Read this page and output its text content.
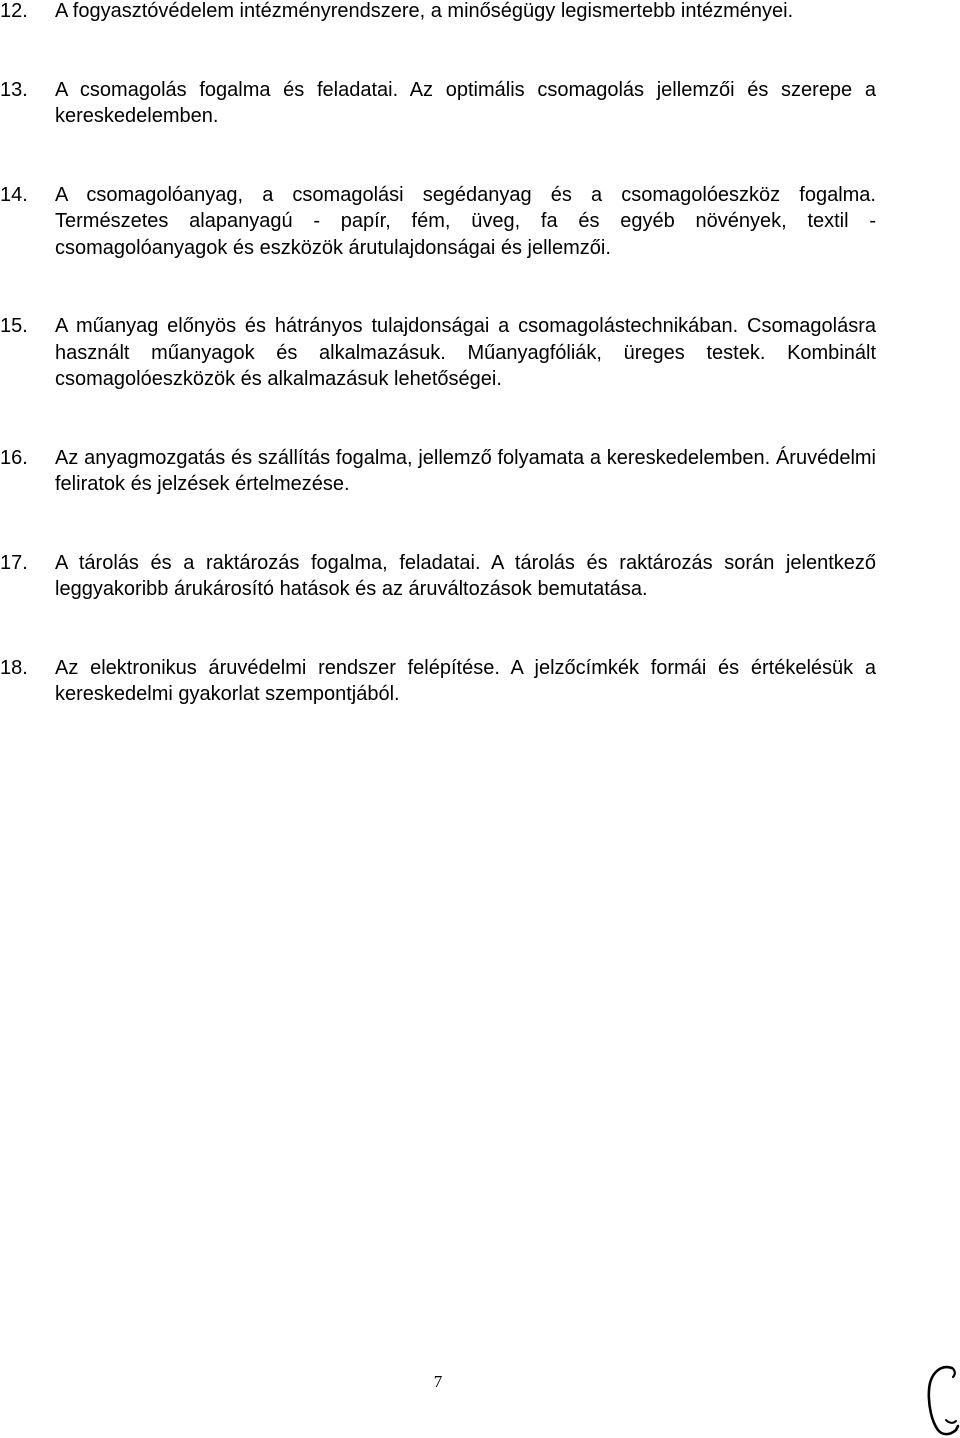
12. A fogyasztóvédelem intézményrendszere, a minőségügy legismertebb intézményei.
13. A csomagolás fogalma és feladatai. Az optimális csomagolás jellemzői és szerepe a kereskedelemben.
14. A csomagolóanyag, a csomagolási segédanyag és a csomagolóeszköz fogalma. Természetes alapanyagú - papír, fém, üveg, fa és egyéb növények, textil - csomagolóanyagok és eszközök árutulajdonságai és jellemzői.
15. A műanyag előnyös és hátrányos tulajdonságai a csomagolástechnikában. Csomagolásra használt műanyagok és alkalmazásuk. Műanyagfóliák, üreges testek. Kombinált csomagolóeszközök és alkalmazásuk lehetőségei.
16. Az anyagmozgatás és szállítás fogalma, jellemző folyamata a kereskedelemben. Áruvédelmi feliratok és jelzések értelmezése.
17. A tárolás és a raktározás fogalma, feladatai. A tárolás és raktározás során jelentkező leggyakoribb árukárosító hatások és az áruváltozások bemutatása.
18. Az elektronikus áruvédelmi rendszer felépítése. A jelzőcímkék formái és értékelésük a kereskedelmi gyakorlat szempontjából.
7
